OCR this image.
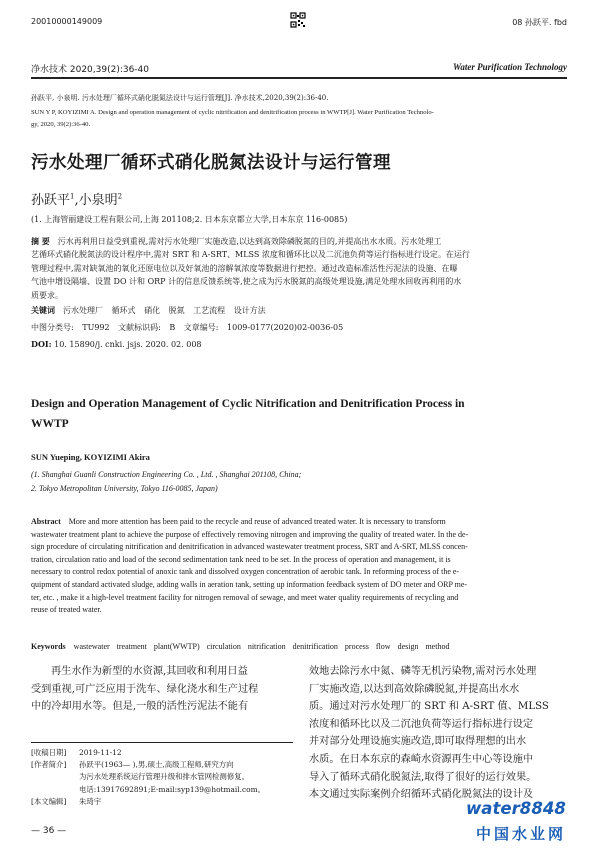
20010000149009	08 孙跃平. fbd
净水技术 2020,39(2):36-40	Water Purification Technology
孙跃平, 小泉明. 污水处理厂循环式硝化脱氮法设计与运行管理[J]. 净水技术,2020,39(2):36-40.
SUN Y P, KOYIZIMI A. Design and operation management of cyclic nitrification and denitrification process in WWTP[J]. Water Purification Technolo-
gy, 2020, 39(2):36-40.
污水处理厂循环式硝化脱氮法设计与运行管理
孙跃平$^1$,小泉明$^2$
(1. 上海管丽建设工程有限公司,上海 201108;2. 日本东京都立大学,日本东京 116-0085)
摘 要 污水再利用日益受到重视,需对污水处理厂实施改造,以达到高效除磷脱氮的目的,并提高出水水质。污水处理工
艺循环式硝化脱氮法的设计程序中,需对 SRT 和 A-SRT、MLSS 浓度和循环比以及二沉池负荷等运行指标进行设定。在运行
管理过程中,需对缺氧池的氧化还原电位以及好氧池的溶解氧浓度等数据进行把控。通过改造标准活性污泥法的设施、在曝
气池中增设隔墙、设置 DO 计和 ORP 计的信息反馈系统等,使之成为污水脱氮的高级处理设施,满足处理水回收再利用的水
质要求。
关键词 污水处理厂 循环式 硝化 脱氮 工艺流程 设计方法
中图分类号: TU992 文献标识码: B 文章编号: 1009-0177(2020)02-0036-05
DOI: 10. 15890/j. cnki. jsjs. 2020. 02. 008
Design and Operation Management of Cyclic Nitrification and Denitrification Process in
WWTP
SUN Yueping, KOYIZIMI Akira
(1. Shanghai Guanli Construction Engineering Co. , Ltd. , Shanghai 201108, China;
2. Tokyo Metropolitan University, Tokyo 116-0085, Japan)
Abstract More and more attention has been paid to the recycle and reuse of advanced treated water. It is necessary to transform
wastewater treatment plant to achieve the purpose of effectively removing nitrogen and improving the quality of treated water. In the de-
sign procedure of circulating nitrification and denitrification in advanced wastewater treatment process, SRT and A-SRT, MLSS concen-
tration, circulation ratio and load of the second sedimentation tank need to be set. In the process of operation and management, it is
necessary to control redox potential of anoxic tank and dissolved oxygen concentration of aerobic tank. In reforming process of the e-
quipment of standard activated sludge, adding walls in aeration tank, setting up information feedback system of DO meter and ORP me-
ter, etc. , make it a high-level treatment facility for nitrogen removal of sewage, and meet water quality requirements of recycling and
reuse of treated water.
Keywords wastewater treatment plant(WWTP) circulation nitrification denitrification process flow design method
再生水作为新型的水资源,其回收和利用日益
受到重视,可广泛应用于洗车、绿化浇水和生产过程
中的冷却用水等。但是,一般的活性污泥法不能有
效地去除污水中氮、磷等无机污染物,需对污水处理
厂实施改造,以达到高效除磷脱氮,并提高出水水
质。通过对污水处理厂的 SRT 和 A-SRT 值、MLSS
浓度和循环比以及二沉池负荷等运行指标进行设定
并对部分处理设施实施改造,即可取得理想的出水
水质。在日本东京的森崎水资源再生中心等设施中
导入了循环式硝化脱氮法,取得了很好的运行效果。
本文通过实际案例介绍循环式硝化脱氮法的设计及
[收稿日期] 2019-11-12
[作者简介] 孙跃平(1963— ),男,硕士,高级工程师,研究方向
为污水处理系统运行管理升级和排水管网检测修复。
电话:13917692891;E-mail:syp139@hotmail.com。
[本文编辑] 朱琦宇
— 36 —
water8848
中国水业网
